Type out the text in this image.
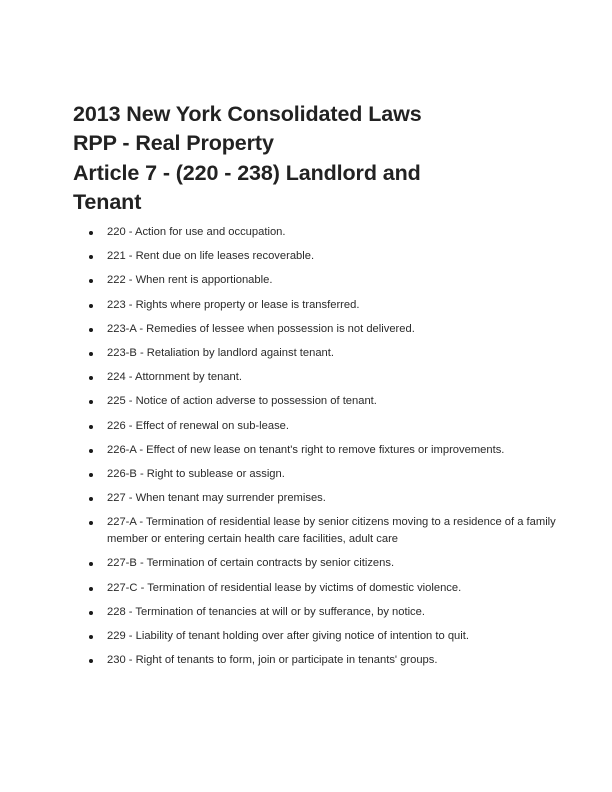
2013 New York Consolidated Laws
RPP - Real Property
Article 7 - (220 - 238) Landlord and
Tenant
220 - Action for use and occupation.
221 - Rent due on life leases recoverable.
222 - When rent is apportionable.
223 - Rights where property or lease is transferred.
223-A - Remedies of lessee when possession is not delivered.
223-B - Retaliation by landlord against tenant.
224 - Attornment by tenant.
225 - Notice of action adverse to possession of tenant.
226 - Effect of renewal on sub-lease.
226-A - Effect of new lease on tenant's right to remove fixtures or improvements.
226-B - Right to sublease or assign.
227 - When tenant may surrender premises.
227-A - Termination of residential lease by senior citizens moving to a residence of a family member or entering certain health care facilities, adult care
227-B - Termination of certain contracts by senior citizens.
227-C - Termination of residential lease by victims of domestic violence.
228 - Termination of tenancies at will or by sufferance, by notice.
229 - Liability of tenant holding over after giving notice of intention to quit.
230 - Right of tenants to form, join or participate in tenants' groups.
